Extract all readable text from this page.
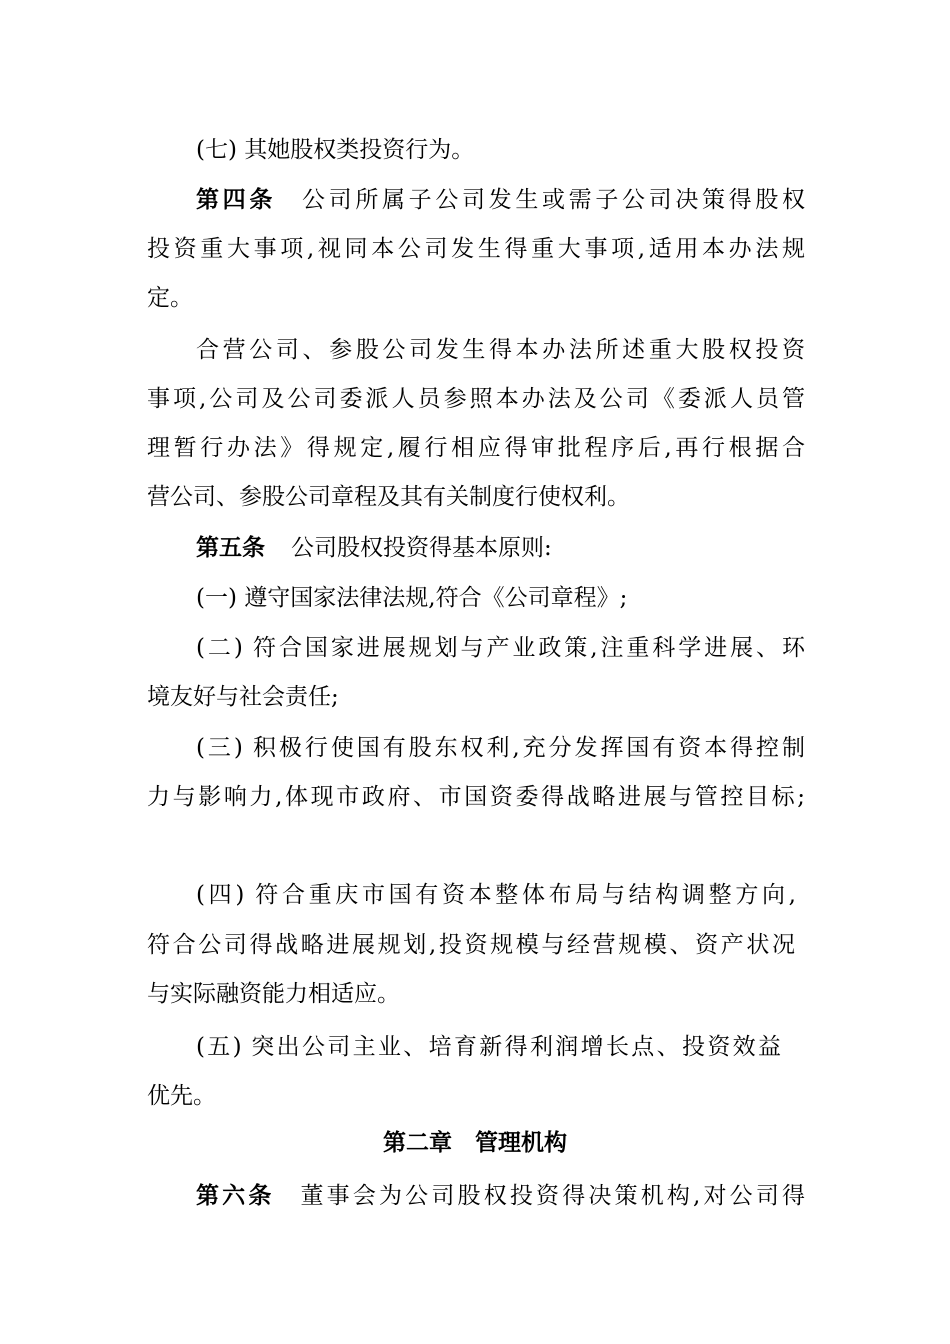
(七) 其她股权类投资行为。
第四条 公司所属子公司发生或需子公司决策得股权
投资重大事项,视同本公司发生得重大事项,适用本办法规
定。
合营公司、参股公司发生得本办法所述重大股权投资
事项,公司及公司委派人员参照本办法及公司《委派人员管
理暂行办法》得规定,履行相应得审批程序后,再行根据合
营公司、参股公司章程及其有关制度行使权利。
第五条 公司股权投资得基本原则:
(一) 遵守国家法律法规,符合《公司章程》;
(二) 符合国家进展规划与产业政策,注重科学进展、环
境友好与社会责任;
(三) 积极行使国有股东权利,充分发挥国有资本得控制
力与影响力,体现市政府、市国资委得战略进展与管控目标;
(四) 符合重庆市国有资本整体布局与结构调整方向,
符合公司得战略进展规划,投资规模与经营规模、资产状况
与实际融资能力相适应。
(五) 突出公司主业、培育新得利润增长点、投资效益
优先。
第二章　管理机构
第六条 董事会为公司股权投资得决策机构,对公司得
